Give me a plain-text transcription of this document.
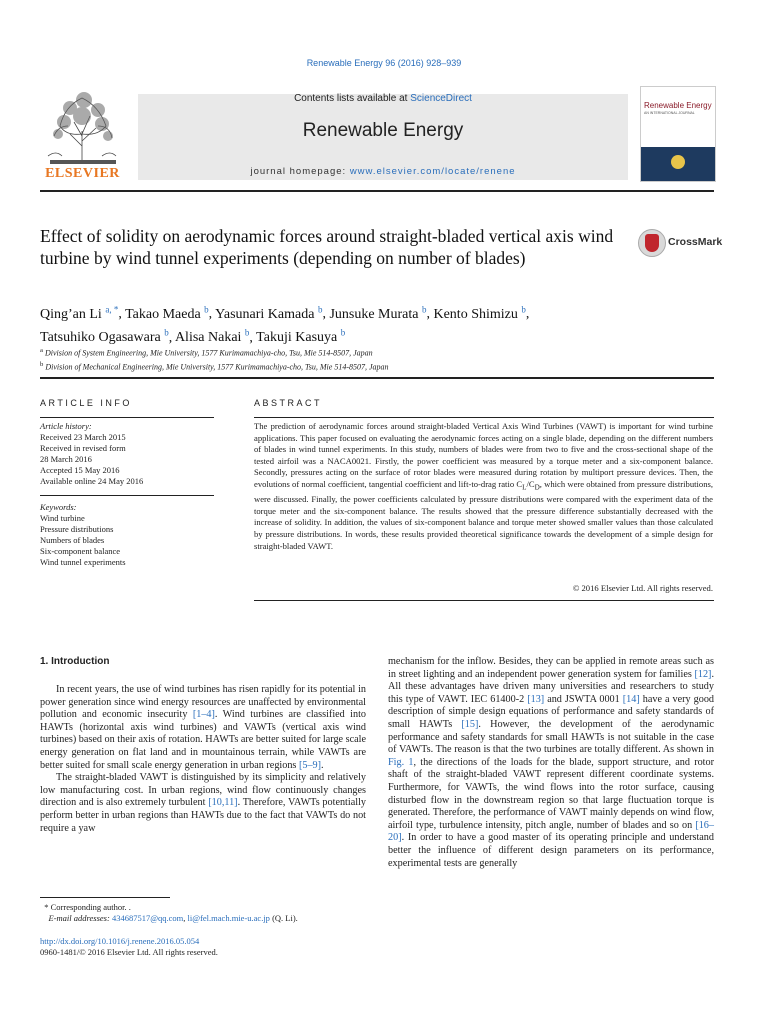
Renewable Energy 96 (2016) 928–939
ELSEVIER
Contents lists available at ScienceDirect
Renewable Energy
journal homepage: www.elsevier.com/locate/renene
Renewable Energy
AN INTERNATIONAL JOURNAL
Effect of solidity on aerodynamic forces around straight-bladed vertical axis wind turbine by wind tunnel experiments (depending on number of blades)
CrossMark
Qing’an Li $^{a, *}$, Takao Maeda $^b$, Yasunari Kamada $^b$, Junsuke Murata $^b$, Kento Shimizu $^b$,
Tatsuhiko Ogasawara $^b$, Alisa Nakai $^b$, Takuji Kasuya $^b$
$^a$ Division of System Engineering, Mie University, 1577 Kurimamachiya-cho, Tsu, Mie 514-8507, Japan
$^b$ Division of Mechanical Engineering, Mie University, 1577 Kurimamachiya-cho, Tsu, Mie 514-8507, Japan
ARTICLE INFO	ABSTRACT
Article history:
Received 23 March 2015
Received in revised form
28 March 2016
Accepted 15 May 2016
Available online 24 May 2016
Keywords:
Wind turbine
Pressure distributions
Numbers of blades
Six-component balance
Wind tunnel experiments
The prediction of aerodynamic forces around straight-bladed Vertical Axis Wind Turbines (VAWT) is important for wind turbine applications. This paper focused on evaluating the aerodynamic forces acting on a single blade, depending on the different numbers of blades in wind tunnel experiments. In this study, numbers of blades were from two to five and the cross-sectional shape of the tested airfoil was a NACA0021. Firstly, the power coefficient was measured by a torque meter and a six-component balance. Secondly, pressures acting on the surface of rotor blades were measured during rotation by multiport pressure devices. Then, the evolutions of normal coefficient, tangential coefficient and lift-to-drag ratio $C_L/C_D$, which were obtained from pressure distributions, were discussed. Finally, the power coefficients calculated by pressure distributions were compared with the experiment data of the torque meter and the six-component balance. The results showed that the pressure difference substantially decreased with the increase of solidity. In addition, the values of six-component balance and torque meter showed smaller values than those calculated by pressure distributions. In words, these results provided theoretical significance towards the development of a simple design for straight-bladed VAWT.
© 2016 Elsevier Ltd. All rights reserved.
1. Introduction

In recent years, the use of wind turbines has risen rapidly for its potential in power generation since wind energy resources are unaffected by environmental pollution and economic insecurity [1–4]. Wind turbines are classified into HAWTs (horizontal axis wind turbines) and VAWTs (vertical axis wind turbines) based on their axis of rotation. HAWTs are better suited for large scale energy generation on flat land and in mountainous terrain, while VAWTs are better suited for small scale energy generation in urban regions [5–9].

The straight-bladed VAWT is distinguished by its simplicity and relatively low manufacturing cost. In urban regions, wind flow continuously changes direction and is also extremely turbulent [10,11]. Therefore, VAWTs potentially perform better in urban regions than HAWTs due to the fact that VAWTs do not require a yaw

mechanism for the inflow. Besides, they can be applied in remote areas such as in street lighting and an independent power generation system for families [12]. All these advantages have driven many universities and researchers to study this type of VAWT. IEC 61400-2 [13] and JSWTA 0001 [14] have a very good description of simple design equations of performance and safety standards of small HAWTs [15]. However, the development of the aerodynamic performance and safety standards for small HAWTs is not suitable in the case of VAWTs. The reason is that the two turbines are totally different. As shown in Fig. 1, the directions of the loads for the blade, support structure, and rotor shaft of the straight-bladed VAWT represent different coordinate systems. Furthermore, for VAWTs, the wind flows into the rotor surface, causing disturbed flow in the downstream region so that large fluctuation torque is generated. Therefore, the performance of VAWT mainly depends on wind flow, airfoil type, turbulence intensity, pitch angle, number of blades and so on [16–20]. In order to have a good master of its operating principle and understand better the influence of different design parameters on its performance, experimental tests are generally

* Corresponding author. .
E-mail addresses: 434687517@qq.com, li@fel.mach.mie-u.ac.jp (Q. Li).
http://dx.doi.org/10.1016/j.renene.2016.05.054
0960-1481/© 2016 Elsevier Ltd. All rights reserved.
